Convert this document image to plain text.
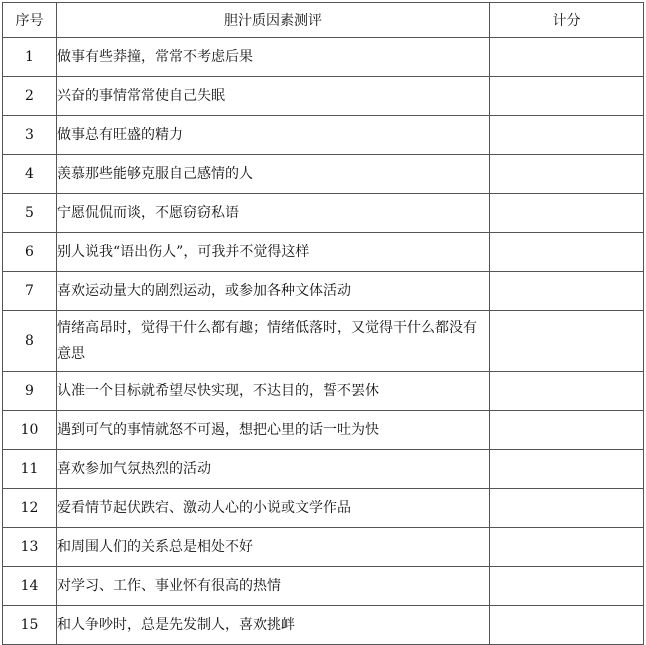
序号	胆汁质因素测评	计分
1	做事有些莽撞，常常不考虑后果	
2	兴奋的事情常常使自己失眠	
3	做事总有旺盛的精力	
4	羡慕那些能够克服自己感情的人	
5	宁愿侃侃而谈，不愿窃窃私语	
6	别人说我“语出伤人”，可我并不觉得这样	
7	喜欢运动量大的剧烈运动，或参加各种文体活动	
8	情绪高昂时，觉得干什么都有趣；情绪低落时，又觉得干什么都没有意思	
9	认准一个目标就希望尽快实现，不达目的，誓不罢休	
10	遇到可气的事情就怒不可遏，想把心里的话一吐为快	
11	喜欢参加气氛热烈的活动	
12	爱看情节起伏跌宕、激动人心的小说或文学作品	
13	和周围人们的关系总是相处不好	
14	对学习、工作、事业怀有很高的热情	
15	和人争吵时，总是先发制人，喜欢挑衅	
